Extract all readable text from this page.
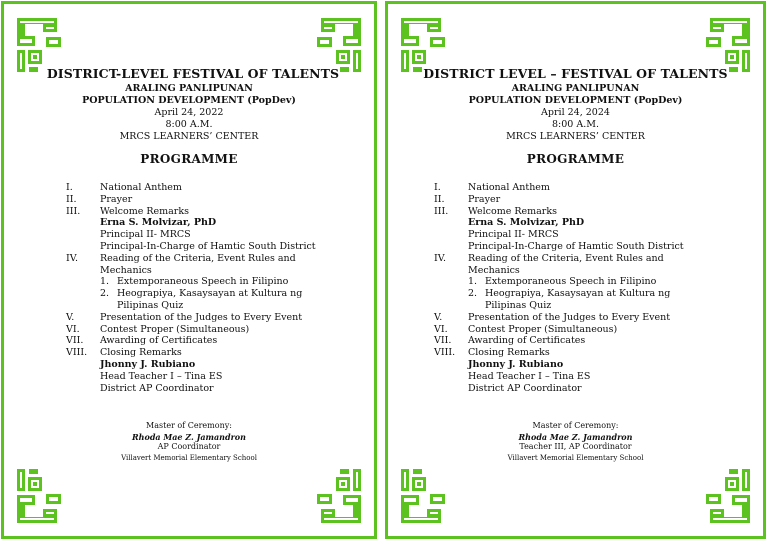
DISTRICT-LEVEL FESTIVAL OF TALENTS
ARALING PANLIPUNAN
POPULATION DEVELOPMENT (PopDev)
April 24, 2022
8:00 A.M.
MRCS LEARNERS’ CENTER
PROGRAMME
I.	National Anthem
II.	Prayer
III.	Welcome Remarks
Erna S. Molvizar, PhD
Principal II- MRCS
Principal-In-Charge of Hamtic South District
IV.	Reading of the Criteria, Event Rules and
Mechanics
1. Extemporaneous Speech in Filipino
2. Heograpiya, Kasaysayan at Kultura ng
Pilipinas Quiz
V.	Presentation of the Judges to Every Event
VI.	Contest Proper (Simultaneous)
VII.	Awarding of Certificates
VIII.	Closing Remarks
Jhonny J. Rubiano
Head Teacher I – Tina ES
District AP Coordinator
Master of Ceremony:
Rhoda Mae Z. Jamandron
AP Coordinator
Villavert Memorial Elementary School
DISTRICT LEVEL – FESTIVAL OF TALENTS
ARALING PANLIPUNAN
POPULATION DEVELOPMENT (PopDev)
April 24, 2024
8:00 A.M.
MRCS LEARNERS’ CENTER
PROGRAMME
I.	National Anthem
II.	Prayer
III.	Welcome Remarks
Erna S. Molvizar, PhD
Principal II- MRCS
Principal-In-Charge of Hamtic South District
IV.	Reading of the Criteria, Event Rules and
Mechanics
1. Extemporaneous Speech in Filipino
2. Heograpiya, Kasaysayan at Kultura ng
Pilipinas Quiz
V.	Presentation of the Judges to Every Event
VI.	Contest Proper (Simultaneous)
VII.	Awarding of Certificates
VIII.	Closing Remarks
Jhonny J. Rubiano
Head Teacher I – Tina ES
District AP Coordinator
Master of Ceremony:
Rhoda Mae Z. Jamandron
Teacher III, AP Coordinator
Villavert Memorial Elementary School
